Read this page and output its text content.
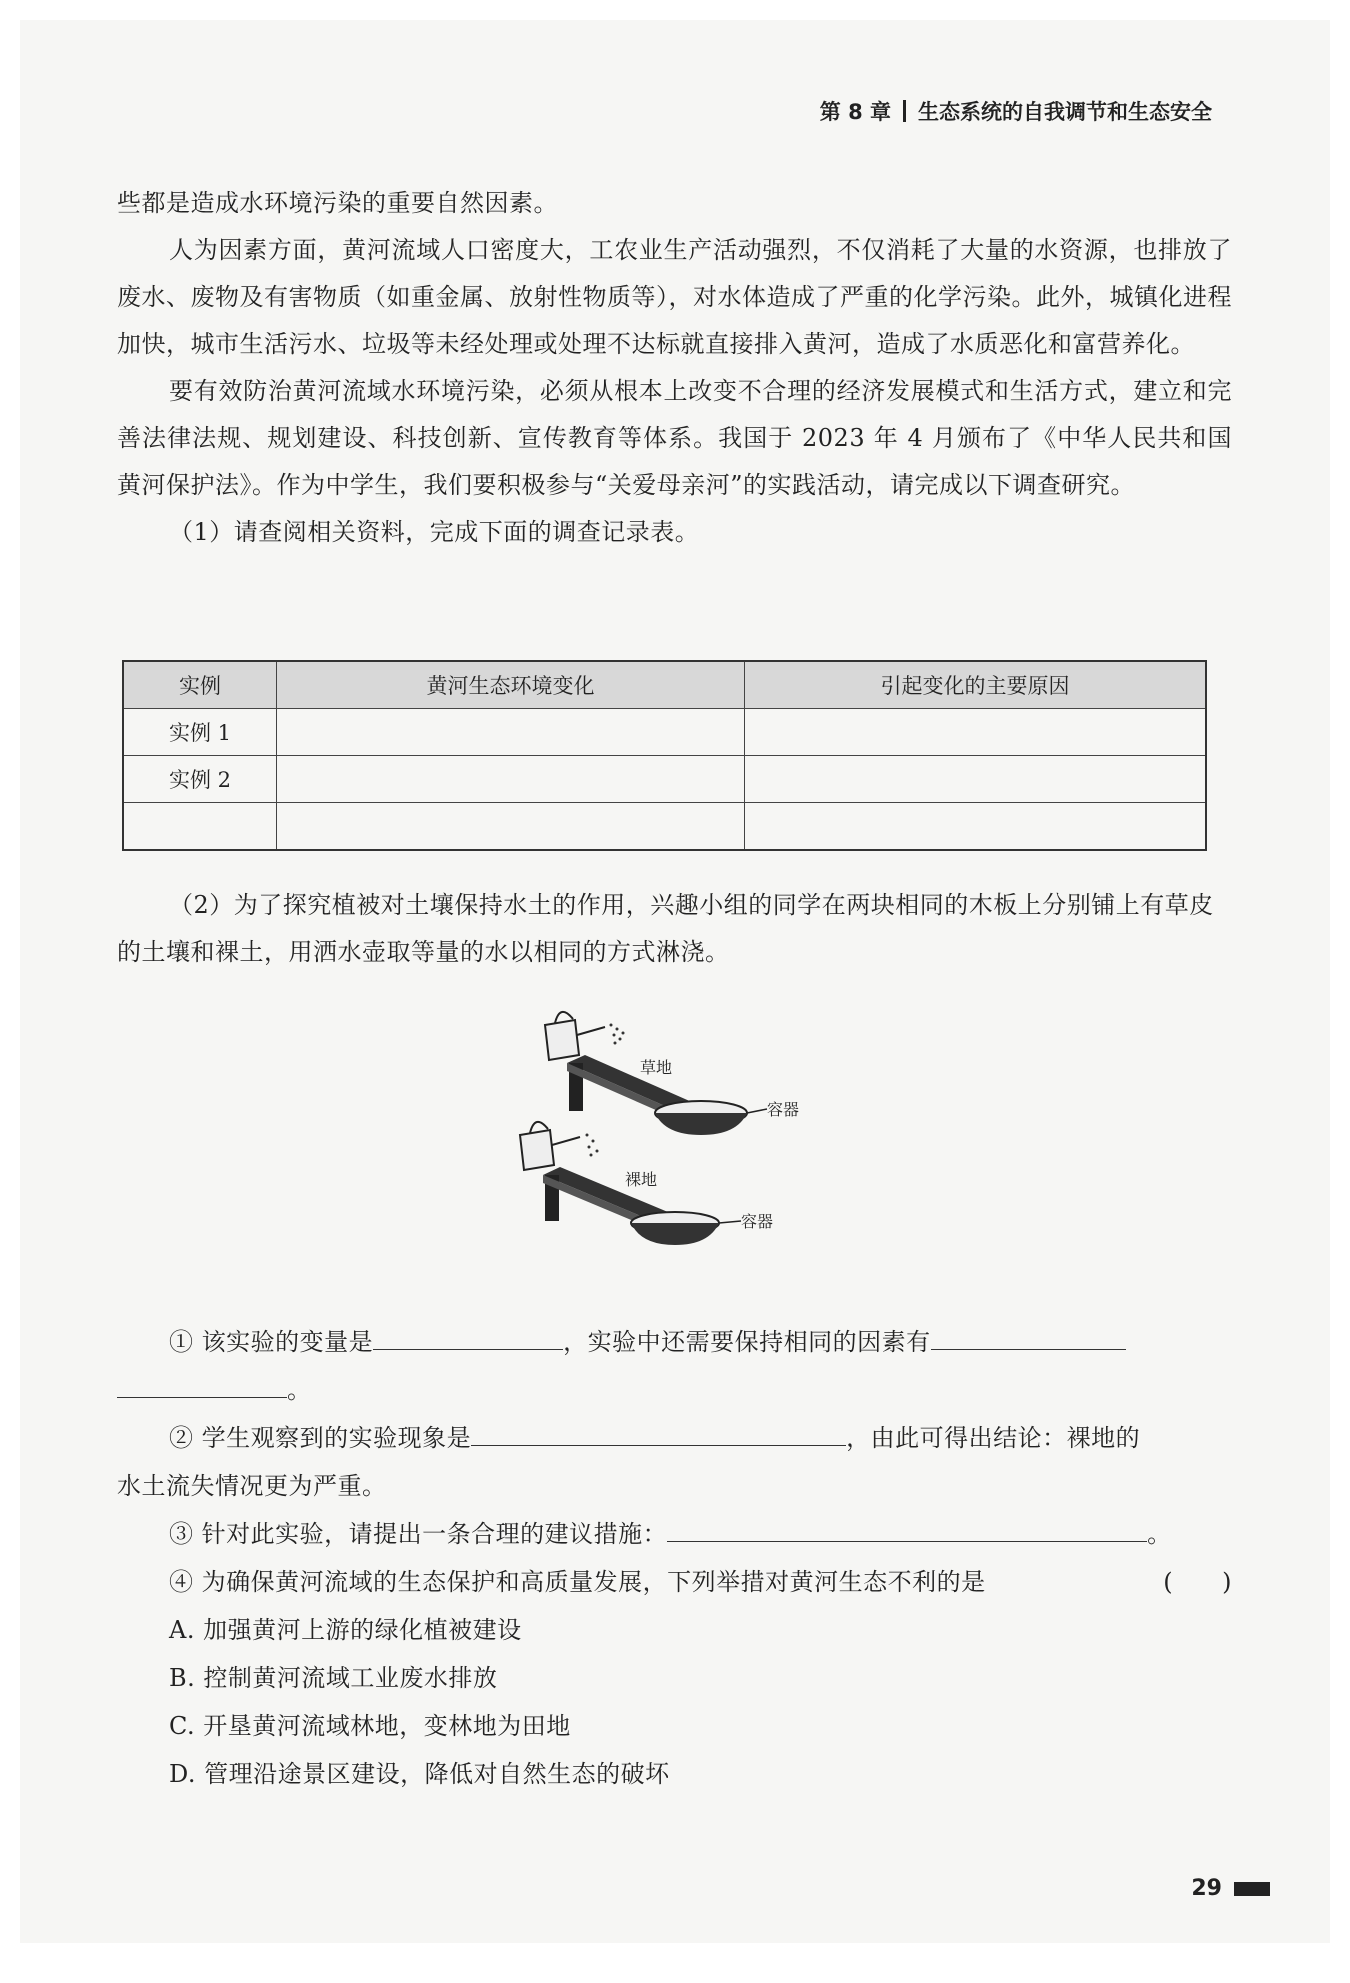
第 8 章 生态系统的自我调节和生态安全

些都是造成水环境污染的重要自然因素。

人为因素方面，黄河流域人口密度大，工农业生产活动强烈，不仅消耗了大量的水资源，也排放了废水、废物及有害物质（如重金属、放射性物质等），对水体造成了严重的化学污染。此外，城镇化进程加快，城市生活污水、垃圾等未经处理或处理不达标就直接排入黄河，造成了水质恶化和富营养化。

要有效防治黄河流域水环境污染，必须从根本上改变不合理的经济发展模式和生活方式，建立和完善法律法规、规划建设、科技创新、宣传教育等体系。我国于 2023 年 4 月颁布了《中华人民共和国黄河保护法》。作为中学生，我们要积极参与“关爱母亲河”的实践活动，请完成以下调查研究。

（1）请查阅相关资料，完成下面的调查记录表。

实例	黄河生态环境变化	引起变化的主要原因
实例 1		
实例 2		

（2）为了探究植被对土壤保持水土的作用，兴趣小组的同学在两块相同的木板上分别铺上有草皮的土壤和裸土，用洒水壶取等量的水以相同的方式淋浇。

草地
容器
裸地
容器

① 该实验的变量是	，实验中还需要保持相同的因素有

。

② 学生观察到的实验现象是	，由此可得出结论：裸地的

水土流失情况更为严重。

③ 针对此实验，请提出一条合理的建议措施：	。

④ 为确保黄河流域的生态保护和高质量发展，下列举措对黄河生态不利的是	(　　)

A. 加强黄河上游的绿化植被建设

B. 控制黄河流域工业废水排放

C. 开垦黄河流域林地，变林地为田地

D. 管理沿途景区建设，降低对自然生态的破坏

29
